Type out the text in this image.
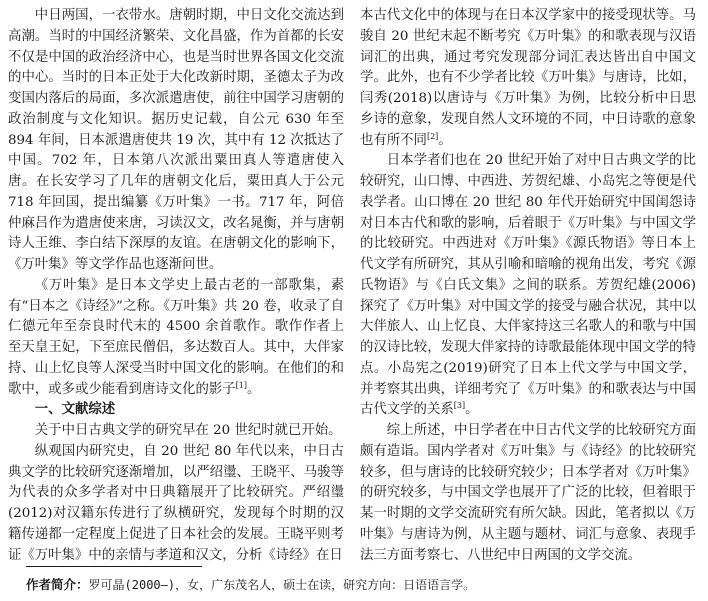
中日两国，一衣带水。唐朝时期，中日文化交流达到高潮。当时的中国经济繁荣、文化昌盛，作为首都的长安不仅是中国的政治经济中心，也是当时世界各国文化交流的中心。当时的日本正处于大化改新时期，圣德太子为改变国内落后的局面，多次派遣唐使，前往中国学习唐朝的政治制度与文化知识。据历史记载，自公元 630 年至 894 年间，日本派遣唐使共 19 次，其中有 12 次抵达了中国。702 年，日本第八次派出粟田真人等遣唐使入唐。在长安学习了几年的唐朝文化后，粟田真人于公元 718 年回国，提出编纂《万叶集》一书。717 年，阿倍仲麻吕作为遣唐使来唐，习读汉文，改名晁衡，并与唐朝诗人王维、李白结下深厚的友谊。在唐朝文化的影响下，《万叶集》等文学作品也逐渐问世。

《万叶集》是日本文学史上最古老的一部歌集，素有“日本之《诗经》”之称。《万叶集》共 20 卷，收录了自仁德元年至奈良时代末的 4500 余首歌作。歌作作者上至天皇王妃，下至庶民僧侣，多达数百人。其中，大伴家持、山上忆良等人深受当时中国文化的影响。在他们的和歌中，或多或少能看到唐诗文化的影子[1]。

一、文献综述

关于中日古典文学的研究早在 20 世纪时就已开始。

纵观国内研究史，自 20 世纪 80 年代以来，中日古典文学的比较研究逐渐增加，以严绍璗、王晓平、马骏等为代表的众多学者对中日典籍展开了比较研究。严绍璗(2012)对汉籍东传进行了纵横研究，发现每个时期的汉籍传递都一定程度上促进了日本社会的发展。王晓平则考证《万叶集》中的亲情与孝道和汉文，分析《诗经》在日

本古代文化中的体现与在日本汉学家中的接受现状等。马骏自 20 世纪末起不断考究《万叶集》的和歌表现与汉语词汇的出典，通过考究发现部分词汇表达皆出自中国文学。此外，也有不少学者比较《万叶集》与唐诗，比如，闫秀(2018)以唐诗与《万叶集》为例，比较分析中日思乡诗的意象，发现自然人文环境的不同，中日诗歌的意象也有所不同[2]。

日本学者们也在 20 世纪开始了对中日古典文学的比较研究，山口博、中西进、芳贺纪雄、小岛宪之等便是代表学者。山口博在 20 世纪 80 年代开始研究中国闺怨诗对日本古代和歌的影响，后着眼于《万叶集》与中国文学的比较研究。中西进对《万叶集》《源氏物语》等日本上代文学有所研究，其从引喻和暗喻的视角出发，考究《源氏物语》与《白氏文集》之间的联系。芳贺纪雄(2006)探究了《万叶集》对中国文学的接受与融合状况，其中以大伴旅人、山上忆良、大伴家持这三名歌人的和歌与中国的汉诗比较，发现大伴家持的诗歌最能体现中国文学的特点。小岛宪之(2019)研究了日本上代文学与中国文学，并考察其出典，详细考究了《万叶集》的和歌表达与中国古代文学的关系[3]。

综上所述，中日学者在中日古代文学的比较研究方面颇有造诣。国内学者对《万叶集》与《诗经》的比较研究较多，但与唐诗的比较研究较少；日本学者对《万叶集》的研究较多，与中国文学也展开了广泛的比较，但着眼于某一时期的文学交流研究有所欠缺。因此，笔者拟以《万叶集》与唐诗为例，从主题与题材、词汇与意象、表现手法三方面考察七、八世纪中日两国的文学交流。

作者简介：罗可晶(2000—)，女，广东茂名人，硕士在读，研究方向：日语语言学。
